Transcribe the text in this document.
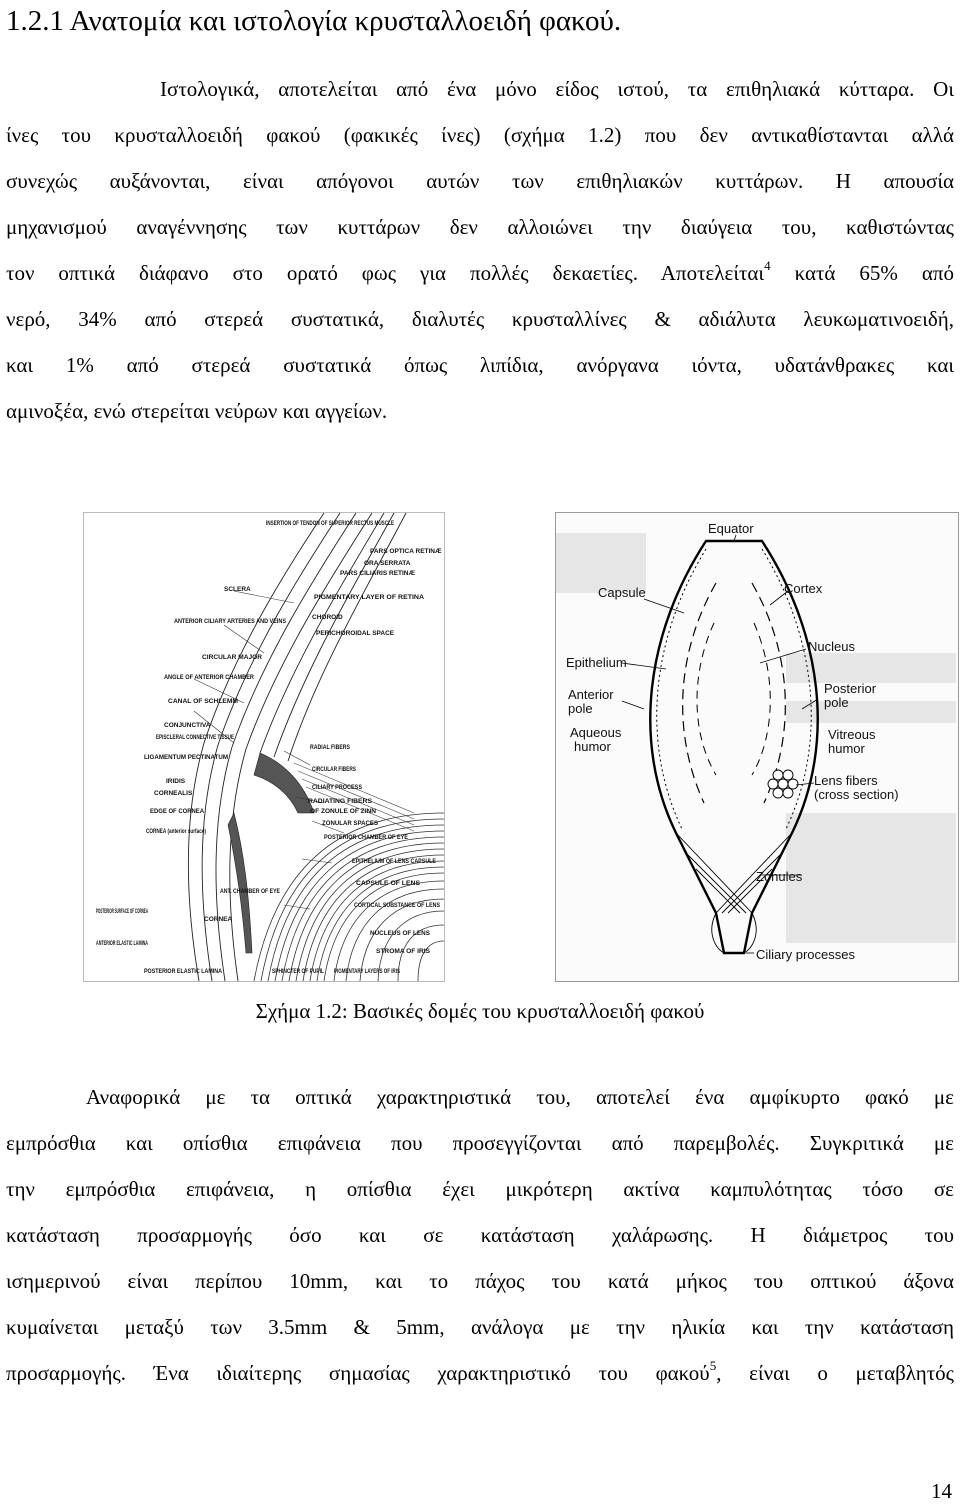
1.2.1 Ανατομία και ιστολογία κρυσταλλοειδή φακού.
Ιστολογικά, αποτελείται από ένα μόνο είδος ιστού, τα επιθηλιακά κύτταρα. Οι
ίνες του κρυσταλλοειδή φακού (φακικές ίνες) (σχήμα 1.2) που δεν αντικαθίστανται αλλά
συνεχώς αυξάνονται, είναι απόγονοι αυτών των επιθηλιακών κυττάρων. Η απουσία
μηχανισμού αναγέννησης των κυττάρων δεν αλλοιώνει την διαύγεια του, καθιστώντας
τον οπτικά διάφανο στο ορατό φως για πολλές δεκαετίες. Αποτελείται$^4$ κατά 65% από
νερό, 34% από στερεά συστατικά, διαλυτές κρυσταλλίνες & αδιάλυτα λευκωματινοειδή,
και 1% από στερεά συστατικά όπως λιπίδια, ανόργανα ιόντα, υδατάνθρακες και
αμινοξέα, ενώ στερείται νεύρων και αγγείων.
INSERTION OF TENDON OF SUPERIOR RECTUS MUSCLE
PARS OPTICA RETINÆ
ORA SERRATA
PARS CILIARIS RETINÆ
SCLERA
PIGMENTARY LAYER OF RETINA
CHOROID
PERICHOROIDAL SPACE
ANTERIOR CILIARY ARTERIES AND VEINS
CIRCULAR MAJOR
ANGLE OF ANTERIOR CHAMBER
CANAL OF SCHLEMM
CONJUNCTIVA
EPISCLERAL CONNECTIVE TISSUE
LIGAMENTUM PECTINATUM
IRIDIS
CORNEALIS
EDGE OF CORNEA
CORNEA (anterior surface)
RADIAL FIBERS
CIRCULAR FIBERS
CILIARY PROCESS
RADIATING FIBERS
OF ZONULE OF ZINN
ZONULAR SPACES
POSTERIOR CHAMBER OF EYE
EPITHELIUM OF LENS CAPSULE
CAPSULE OF LENS
ANT. CHAMBER OF EYE
CORTICAL SUBSTANCE OF LENS
CORNEA
NUCLEUS OF LENS
POSTERIOR SURFACE OF CORNEA
ANTERIOR ELASTIC LAMINA
POSTERIOR ELASTIC LAMINA	SPHINCTER OF PUPIL PIGMENTARY LAYERS OF IRIS
STROMA OF IRIS
Equator
Capsule	Cortex
Nucleus
Epithelium
Anterior
pole
Posterior
pole
Aqueous
humor
Vitreous
humor
Lens fibers
(cross section)
Zonules
Ciliary processes

Σχήμα 1.2: Βασικές δομές του κρυσταλλοειδή φακού

Αναφορικά με τα οπτικά χαρακτηριστικά του, αποτελεί ένα αμφίκυρτο φακό με
εμπρόσθια και οπίσθια επιφάνεια που προσεγγίζονται από παρεμβολές. Συγκριτικά με
την εμπρόσθια επιφάνεια, η οπίσθια έχει μικρότερη ακτίνα καμπυλότητας τόσο σε
κατάσταση προσαρμογής όσο και σε κατάσταση χαλάρωσης. Η διάμετρος του
ισημερινού είναι περίπου 10mm, και το πάχος του κατά μήκος του οπτικού άξονα
κυμαίνεται μεταξύ των 3.5mm & 5mm, ανάλογα με την ηλικία και την κατάσταση
προσαρμογής. Ένα ιδιαίτερης σημασίας χαρακτηριστικό του φακού$^5$, είναι ο μεταβλητός
14
